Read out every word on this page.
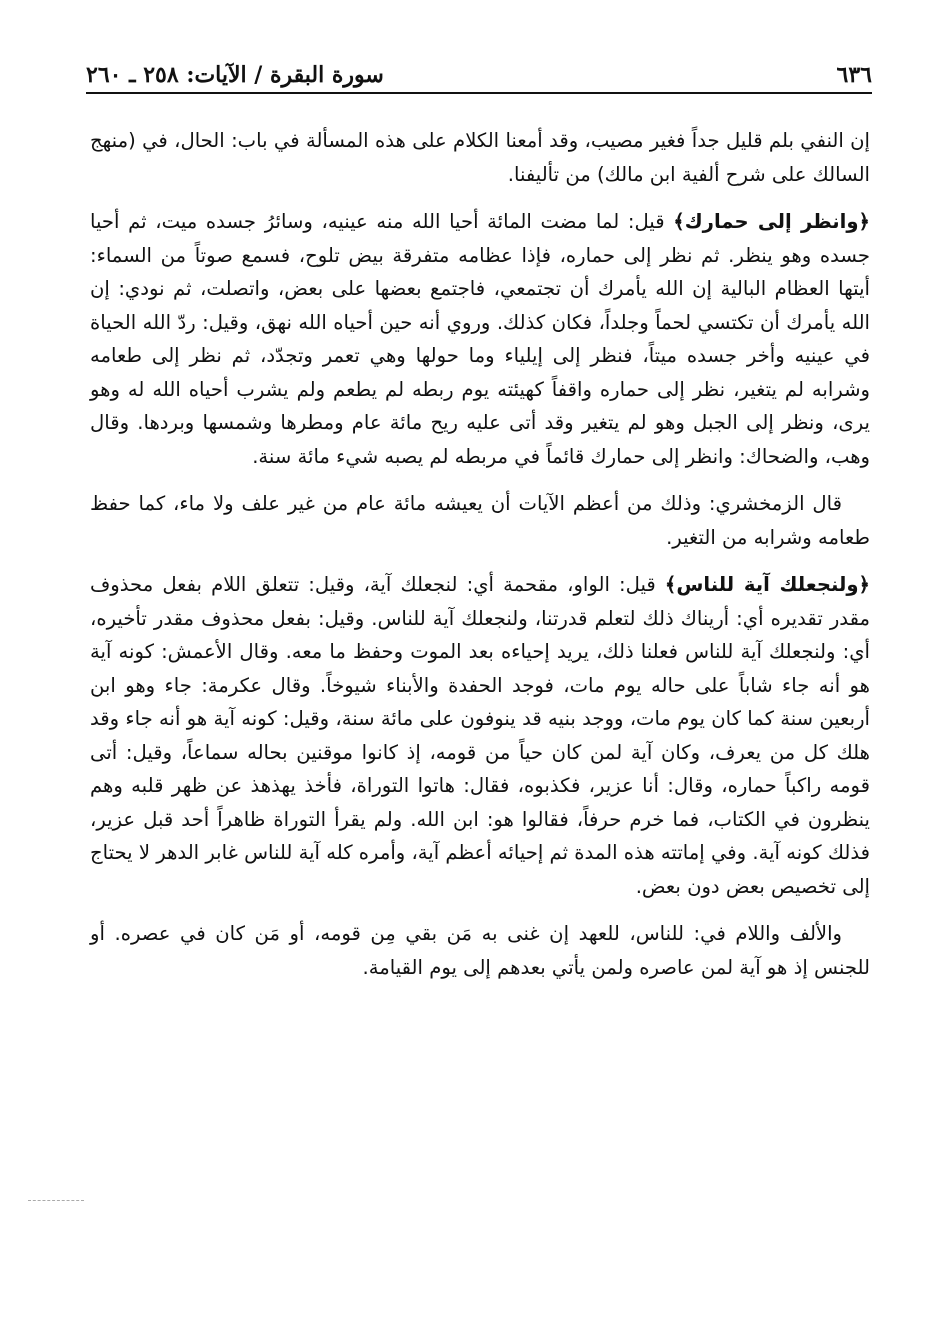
٦٣٦
سورة البقرة / الآيات: ٢٥٨ ـ ٢٦٠

إن النفي بلم قليل جداً فغير مصيب، وقد أمعنا الكلام على هذه المسألة في باب: الحال، في (منهج السالك على شرح ألفية ابن مالك) من تأليفنا.

﴿وانظر إلى حمارك﴾ قيل: لما مضت المائة أحيا الله منه عينيه، وسائرُ جسده ميت، ثم أحيا جسده وهو ينظر. ثم نظر إلى حماره، فإذا عظامه متفرقة بيض تلوح، فسمع صوتاً من السماء: أيتها العظام البالية إن الله يأمرك أن تجتمعي، فاجتمع بعضها على بعض، واتصلت، ثم نودي: إن الله يأمرك أن تكتسي لحماً وجلداً، فكان كذلك. وروي أنه حين أحياه الله نهق، وقيل: ردّ الله الحياة في عينيه وأخر جسده ميتاً، فنظر إلى إيلياء وما حولها وهي تعمر وتجدّد، ثم نظر إلى طعامه وشرابه لم يتغير، نظر إلى حماره واقفاً كهيئته يوم ربطه لم يطعم ولم يشرب أحياه الله له وهو يرى، ونظر إلى الجبل وهو لم يتغير وقد أتى عليه ريح مائة عام ومطرها وشمسها وبردها. وقال وهب، والضحاك: وانظر إلى حمارك قائماً في مربطه لم يصبه شيء مائة سنة.

قال الزمخشري: وذلك من أعظم الآيات أن يعيشه مائة عام من غير علف ولا ماء، كما حفظ طعامه وشرابه من التغير.

﴿ولنجعلك آية للناس﴾ قيل: الواو، مقحمة أي: لنجعلك آية، وقيل: تتعلق اللام بفعل محذوف مقدر تقديره أي: أريناك ذلك لتعلم قدرتنا، ولنجعلك آية للناس. وقيل: بفعل محذوف مقدر تأخيره، أي: ولنجعلك آية للناس فعلنا ذلك، يريد إحياءه بعد الموت وحفظ ما معه. وقال الأعمش: كونه آية هو أنه جاء شاباً على حاله يوم مات، فوجد الحفدة والأبناء شيوخاً. وقال عكرمة: جاء وهو ابن أربعين سنة كما كان يوم مات، ووجد بنيه قد ينوفون على مائة سنة، وقيل: كونه آية هو أنه جاء وقد هلك كل من يعرف، وكان آية لمن كان حياً من قومه، إذ كانوا موقنين بحاله سماعاً، وقيل: أتى قومه راكباً حماره، وقال: أنا عزير، فكذبوه، فقال: هاتوا التوراة، فأخذ يهذهذ عن ظهر قلبه وهم ينظرون في الكتاب، فما خرم حرفاً، فقالوا هو: ابن الله. ولم يقرأ التوراة ظاهراً أحد قبل عزير، فذلك كونه آية. وفي إماتته هذه المدة ثم إحيائه أعظم آية، وأمره كله آية للناس غابر الدهر لا يحتاج إلى تخصيص بعض دون بعض.

والألف واللام في: للناس، للعهد إن غنى به مَن بقي مِن قومه، أو مَن كان في عصره. أو للجنس إذ هو آية لمن عاصره ولمن يأتي بعدهم إلى يوم القيامة.
